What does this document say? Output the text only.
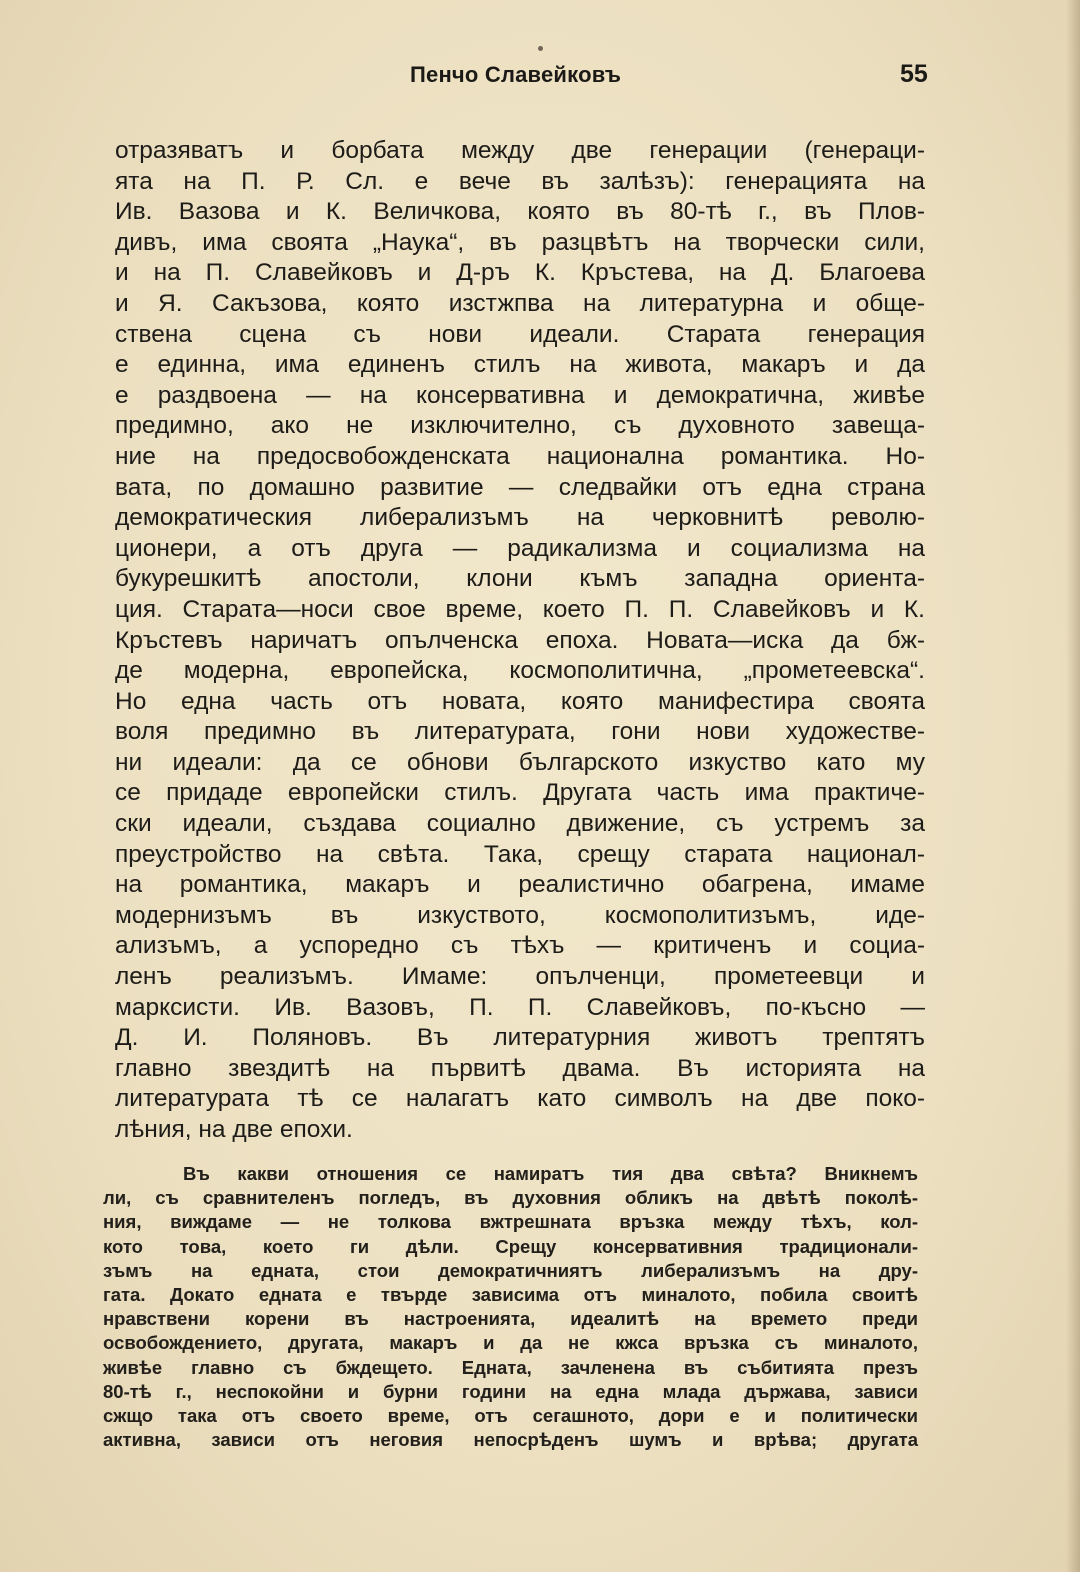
Пенчо Славейковъ	55
отразяватъ и борбата между две генерации (генераци-
ята на П. Р. Сл. е вече въ залѣзъ): генерацията на
Ив. Вазова и К. Величкова, която въ 80-тѣ г., въ Плов-
дивъ, има своята „Наука“, въ разцвѣтъ на творчески сили,
и на П. Славейковъ и Д-ръ К. Кръстева, на Д. Благоева
и Я. Сакъзова, която изстжпва на литературна и обще-
ствена сцена съ нови идеали. Старата генерация
е единна, има единенъ стилъ на живота, макаръ и да
е раздвоена — на консервативна и демократична, живѣе
предимно, ако не изключително, съ духовното завеща-
ние на предосвобожденската национална романтика. Но-
вата, по домашно развитие — следвайки отъ една страна
демократическия либерализъмъ на черковнитѣ револю-
ционери, а отъ друга — радикализма и социализма на
букурешкитѣ апостоли, клони къмъ западна ориента-
ция. Старата—носи свое време, което П. П. Славейковъ и К.
Кръстевъ наричатъ опълченска епоха. Новата—иска да бж-
де модерна, европейска, космополитична, „прометеевска“.
Но една часть отъ новата, която манифестира своята
воля предимно въ литературата, гони нови художестве-
ни идеали: да се обнови българското изкуство като му
се придаде европейски стилъ. Другата часть има практиче-
ски идеали, създава социално движение, съ устремъ за
преустройство на свѣта. Така, срещу старата национал-
на романтика, макаръ и реалистично обагрена, имаме
модернизъмъ въ изкуството, космополитизъмъ, иде-
ализъмъ, а успоредно съ тѣхъ — критиченъ и социа-
ленъ реализъмъ. Имаме: опълченци, прометеевци и
марксисти. Ив. Вазовъ, П. П. Славейковъ, по-късно —
Д. И. Поляновъ. Въ литературния животъ трептятъ
главно звездитѣ на първитѣ двама. Въ историята на
литературата тѣ се налагатъ като символъ на две поко-
лѣния, на две епохи.
Въ какви отношения се намиратъ тия два свѣта? Вникнемъ
ли, съ сравнителенъ погледъ, въ духовния обликъ на двѣтѣ поколѣ-
ния, виждаме — не толкова вжтрешната връзка между тѣхъ, кол-
кото това, което ги дѣли. Срещу консервативния традиционали-
зъмъ на едната, стои демократичниятъ либерализъмъ на дру-
гата. Докато едната е твърде зависима отъ миналото, побила своитѣ
нравствени корени въ настроенията, идеалитѣ на времето преди
освобождението, другата, макаръ и да не кжса връзка съ миналото,
живѣе главно съ бждещето. Едната, зачленена въ събитията презъ
80-тѣ г., неспокойни и бурни години на една млада държава, зависи
сжщо така отъ своето време, отъ сегашното, дори е и политически
активна, зависи отъ неговия непосрѣденъ шумъ и врѣва; другата
